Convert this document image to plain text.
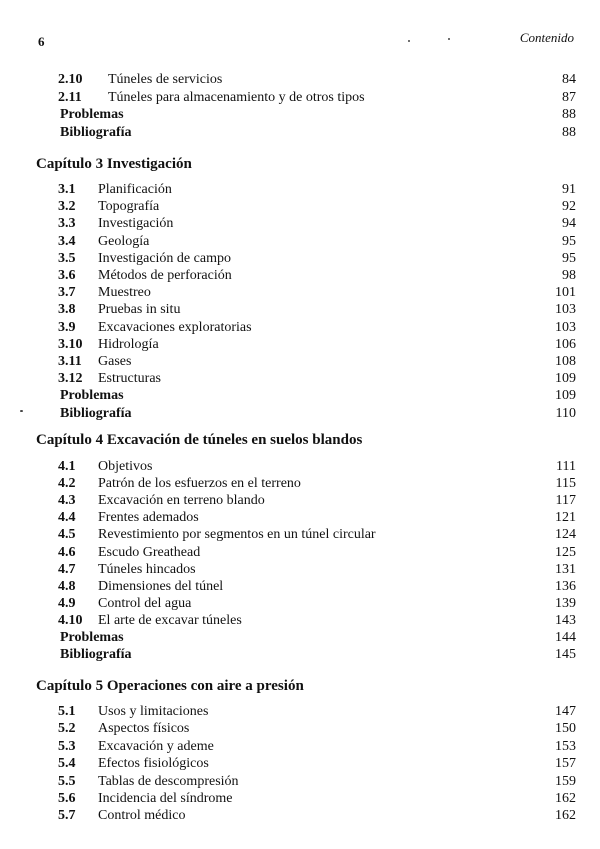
6	Contenido
2.10 Túneles de servicios	84
2.11 Túneles para almacenamiento y de otros tipos	87
Problemas	88
Bibliografía	88
Capítulo 3 Investigación
3.1 Planificación	91
3.2 Topografía	92
3.3 Investigación	94
3.4 Geología	95
3.5 Investigación de campo	95
3.6 Métodos de perforación	98
3.7 Muestreo	101
3.8 Pruebas in situ	103
3.9 Excavaciones exploratorias	103
3.10 Hidrología	106
3.11 Gases	108
3.12 Estructuras	109
Problemas	109
Bibliografía	110
Capítulo 4 Excavación de túneles en suelos blandos
4.1 Objetivos	111
4.2 Patrón de los esfuerzos en el terreno	115
4.3 Excavación en terreno blando	117
4.4 Frentes ademados	121
4.5 Revestimiento por segmentos en un túnel circular	124
4.6 Escudo Greathead	125
4.7 Túneles hincados	131
4.8 Dimensiones del túnel	136
4.9 Control del agua	139
4.10 El arte de excavar túneles	143
Problemas	144
Bibliografía	145
Capítulo 5 Operaciones con aire a presión
5.1 Usos y limitaciones	147
5.2 Aspectos físicos	150
5.3 Excavación y ademe	153
5.4 Efectos fisiológicos	157
5.5 Tablas de descompresión	159
5.6 Incidencia del síndrome	162
5.7 Control médico	162
